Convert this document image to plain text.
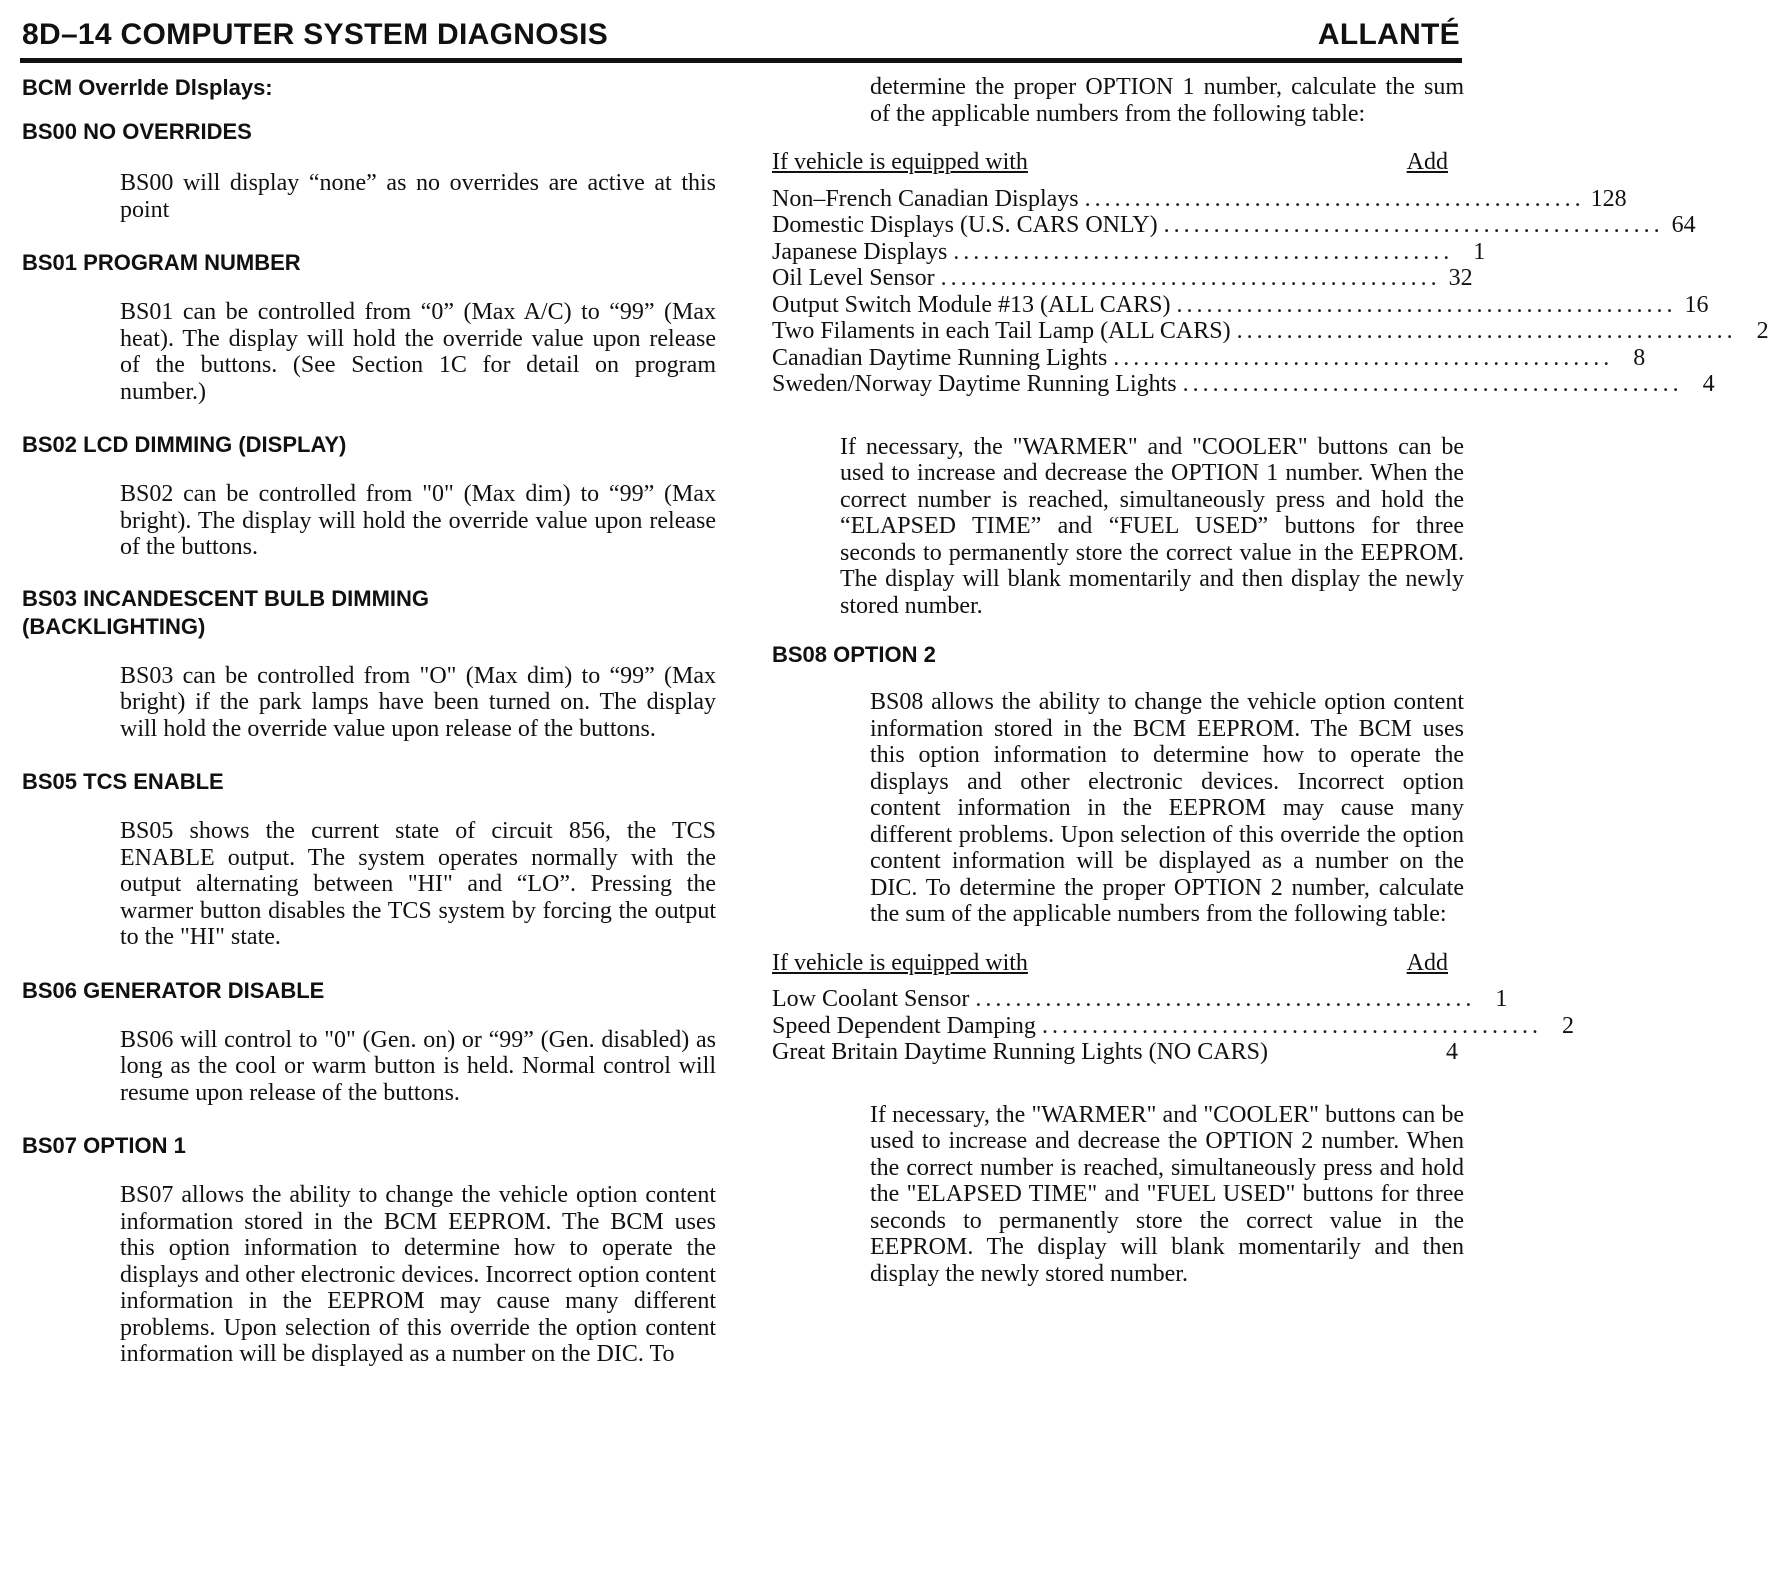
8D–14 COMPUTER SYSTEM DIAGNOSIS	ALLANTÉ

BCM Overrlde Dlsplays:

BS00 NO OVERRIDES

BS00 will display “none” as no overrides are active at this point

BS01 PROGRAM NUMBER

BS01 can be controlled from “0” (Max A/C) to “99” (Max heat). The display will hold the override value upon release of the buttons. (See Section 1C for detail on program number.)

BS02 LCD DIMMING (DISPLAY)

BS02 can be controlled from "0" (Max dim) to “99” (Max bright). The display will hold the override value upon release of the buttons.

BS03 INCANDESCENT BULB DIMMING (BACKLIGHTING)

BS03 can be controlled from "O" (Max dim) to “99” (Max bright) if the park lamps have been turned on. The display will hold the override value upon release of the buttons.

BS05 TCS ENABLE

BS05 shows the current state of circuit 856, the TCS ENABLE output. The system operates normally with the output alternating between "HI" and “LO”. Pressing the warmer button disables the TCS system by forcing the output to the "HI" state.

BS06 GENERATOR DISABLE

BS06 will control to "0" (Gen. on) or “99” (Gen. disabled) as long as the cool or warm button is held. Normal control will resume upon release of the buttons.

BS07 OPTION 1

BS07 allows the ability to change the vehicle option content information stored in the BCM EEPROM. The BCM uses this option information to determine how to operate the displays and other electronic devices. Incorrect option content information in the EEPROM may cause many different problems. Upon selection of this override the option content information will be displayed as a number on the DIC. To

determine the proper OPTION 1 number, calculate the sum of the applicable numbers from the following table:

If vehicle is equipped with	Add
Non–French Canadian Displays .................................................. 128
Domestic Displays (U.S. CARS ONLY) .................................................. 64
Japanese Displays .................................................. 1
Oil Level Sensor .................................................. 32
Output Switch Module #13 (ALL CARS) .................................................. 16
Two Filaments in each Tail Lamp (ALL CARS) .................................................. 2
Canadian Daytime Running Lights .................................................. 8
Sweden/Norway Daytime Running Lights .................................................. 4

If necessary, the "WARMER" and "COOLER" buttons can be used to increase and decrease the OPTION 1 number. When the correct number is reached, simultaneously press and hold the “ELAPSED TIME” and “FUEL USED” buttons for three seconds to permanently store the correct value in the EEPROM. The display will blank momentarily and then display the newly stored number.

BS08 OPTION 2

BS08 allows the ability to change the vehicle option content information stored in the BCM EEPROM. The BCM uses this option information to determine how to operate the displays and other electronic devices. Incorrect option content information in the EEPROM may cause many different problems. Upon selection of this override the option content information will be displayed as a number on the DIC. To determine the proper OPTION 2 number, calculate the sum of the applicable numbers from the following table:

If vehicle is equipped with	Add
Low Coolant Sensor .................................................. 1
Speed Dependent Damping .................................................. 2
Great Britain Daytime Running Lights (NO CARS)	4

If necessary, the "WARMER" and "COOLER" buttons can be used to increase and decrease the OPTION 2 number. When the correct number is reached, simultaneously press and hold the "ELAPSED TIME" and "FUEL USED" buttons for three seconds to permanently store the correct value in the EEPROM. The display will blank momentarily and then display the newly stored number.
